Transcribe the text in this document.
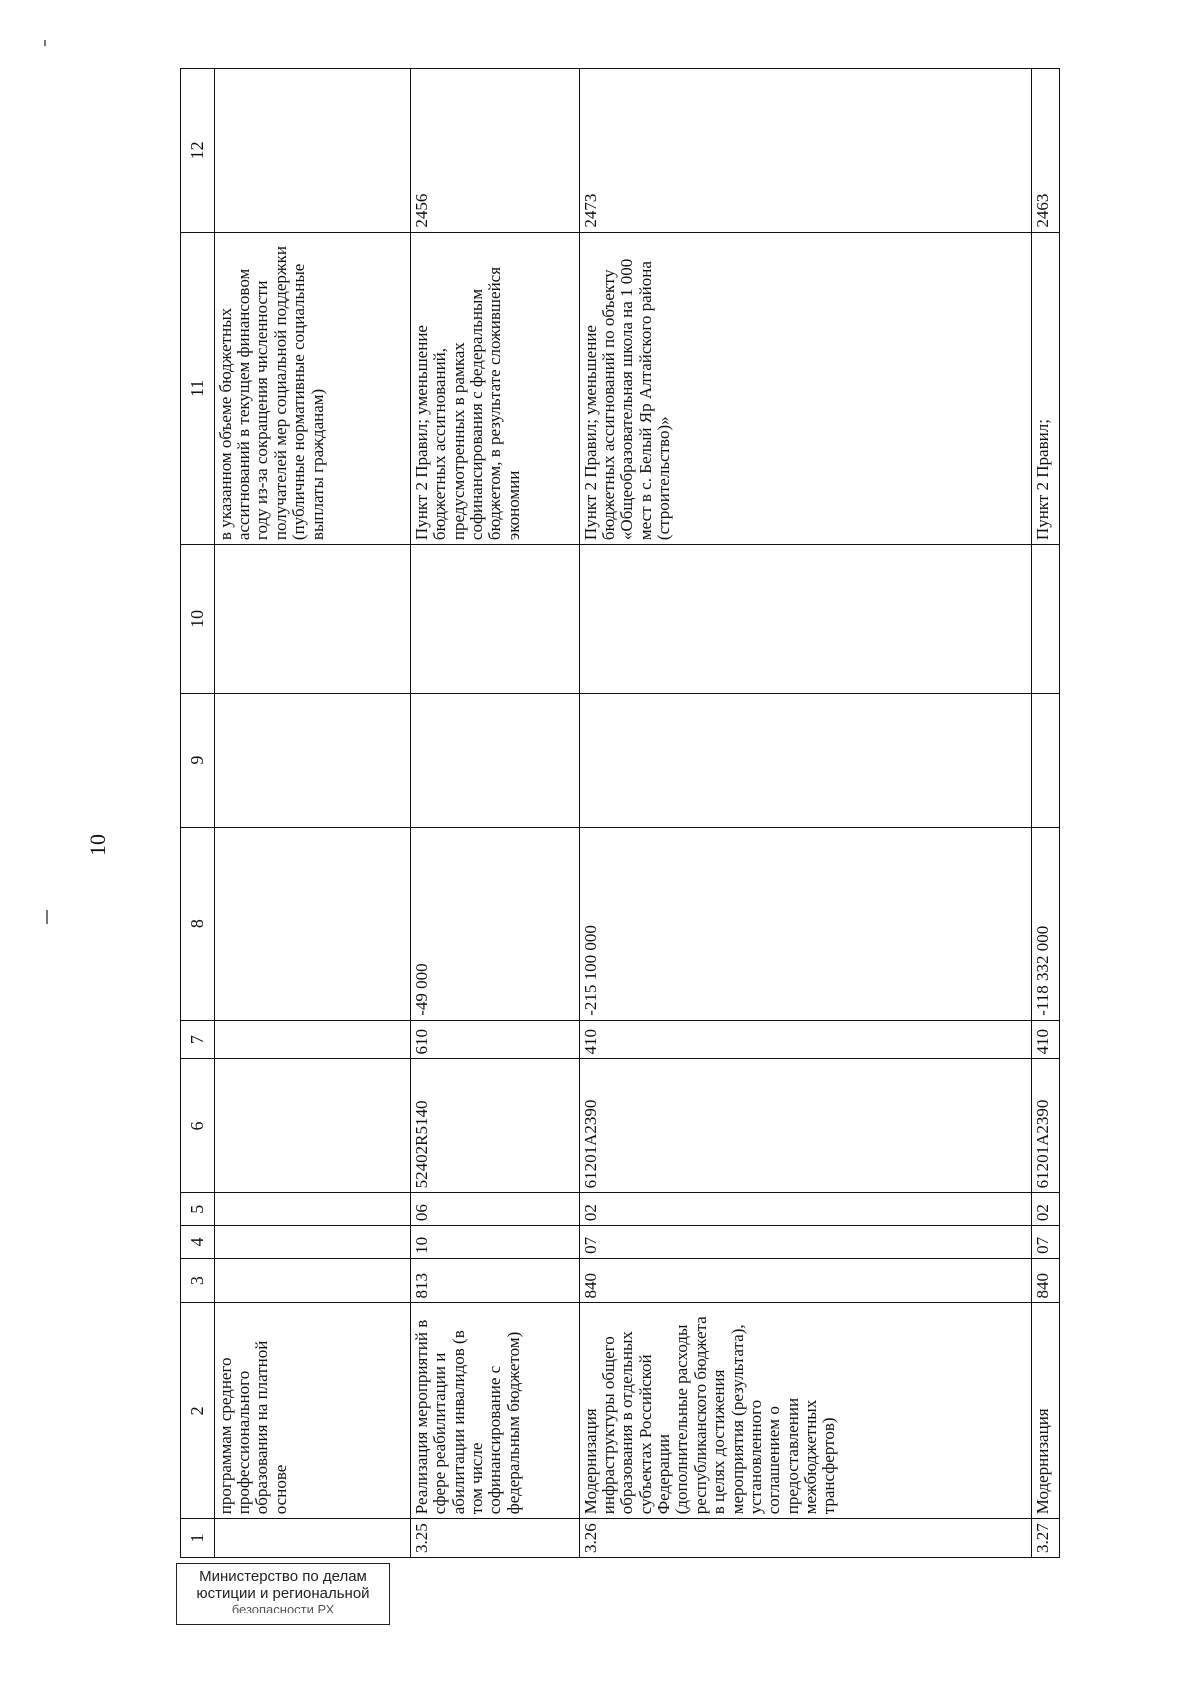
10
1	2	3	4	5	6	7	8	9	10	11	12
	программам среднего профессионального образования на платной основе									в указанном объеме бюджетных ассигнований в текущем финансовом году из-за сокращения численности получателей мер социальной поддержки (публичные нормативные социальные выплаты гражданам)	
3.25	Реализация мероприятий в сфере реабилитации и абилитации инвалидов (в том числе софинансирование с федеральным бюджетом)	813	10	06	52402R5140	610	-49 000			Пункт 2 Правил; уменьшение бюджетных ассигнований, предусмотренных в рамках софинансирования с федеральным бюджетом, в результате сложившейся экономии	2456
3.26	Модернизация инфраструктуры общего образования в отдельных субъектах Российской Федерации (дополнительные расходы республиканского бюджета в целях достижения мероприятия (результата), установленного соглашением о предоставлении межбюджетных трансфертов)	840	07	02	61201A2390	410	-215 100 000			Пункт 2 Правил; уменьшение бюджетных ассигнований по объекту «Общеобразовательная школа на 1 000 мест в с. Белый Яр Алтайского района (строительство)»	2473
3.27	Модернизация	840	07	02	61201A2390	410	-118 332 000			Пункт 2 Правил;	2463
Министерство по делам
юстиции и региональной
безопасности РХ
